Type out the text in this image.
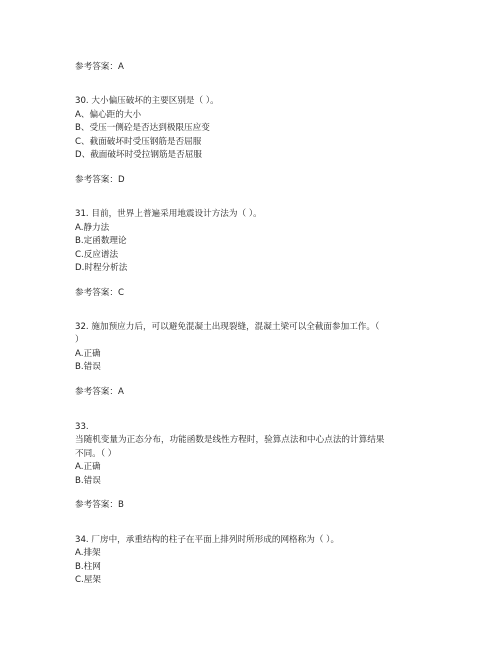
参考答案：A
30. 大小偏压破坏的主要区别是（ ）。
A、偏心距的大小
B、受压一侧砼是否达到极限压应变
C、截面破坏时受压钢筋是否屈服
D、截面破坏时受拉钢筋是否屈服
参考答案：D
31. 目前，世界上普遍采用地震设计方法为（ ）。
A.静力法
B.定函数理论
C.反应谱法
D.时程分析法
参考答案：C
32. 施加预应力后，可以避免混凝土出现裂缝，混凝土梁可以全截面参加工作。（
）
A.正确
B.错误
参考答案：A
33.
当随机变量为正态分布，功能函数是线性方程时，验算点法和中心点法的计算结果
不同。（ ）
A.正确
B.错误
参考答案：B
34. 厂房中，承重结构的柱子在平面上排列时所形成的网格称为（ ）。
A.排架
B.柱网
C.屋架
